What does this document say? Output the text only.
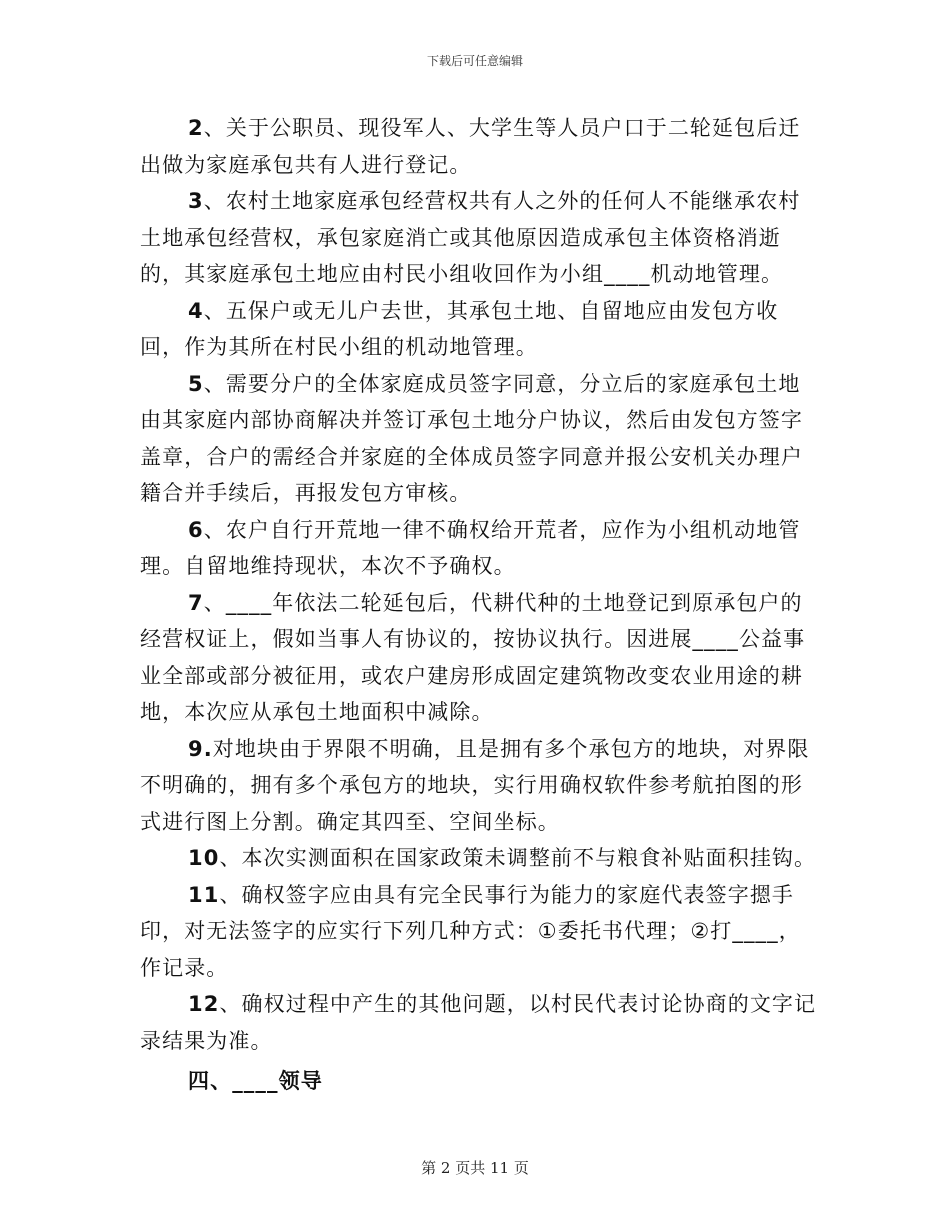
下载后可任意编辑

2、关于公职员、现役军人、大学生等人员户口于二轮延包后迁出做为家庭承包共有人进行登记。

3、农村土地家庭承包经营权共有人之外的任何人不能继承农村土地承包经营权，承包家庭消亡或其他原因造成承包主体资格消逝的，其家庭承包土地应由村民小组收回作为小组____机动地管理。

4、五保户或无儿户去世，其承包土地、自留地应由发包方收回，作为其所在村民小组的机动地管理。

5、需要分户的全体家庭成员签字同意，分立后的家庭承包土地由其家庭内部协商解决并签订承包土地分户协议，然后由发包方签字盖章，合户的需经合并家庭的全体成员签字同意并报公安机关办理户籍合并手续后，再报发包方审核。

6、农户自行开荒地一律不确权给开荒者，应作为小组机动地管理。自留地维持现状，本次不予确权。

7、____年依法二轮延包后，代耕代种的土地登记到原承包户的经营权证上，假如当事人有协议的，按协议执行。因进展____公益事业全部或部分被征用，或农户建房形成固定建筑物改变农业用途的耕地，本次应从承包土地面积中减除。

9.对地块由于界限不明确，且是拥有多个承包方的地块，对界限不明确的，拥有多个承包方的地块，实行用确权软件参考航拍图的形式进行图上分割。确定其四至、空间坐标。

10、本次实测面积在国家政策未调整前不与粮食补贴面积挂钩。

11、确权签字应由具有完全民事行为能力的家庭代表签字摁手印，对无法签字的应实行下列几种方式：①委托书代理；②打____，作记录。

12、确权过程中产生的其他问题，以村民代表讨论协商的文字记录结果为准。

四、____领导

第 2 页共 11 页
